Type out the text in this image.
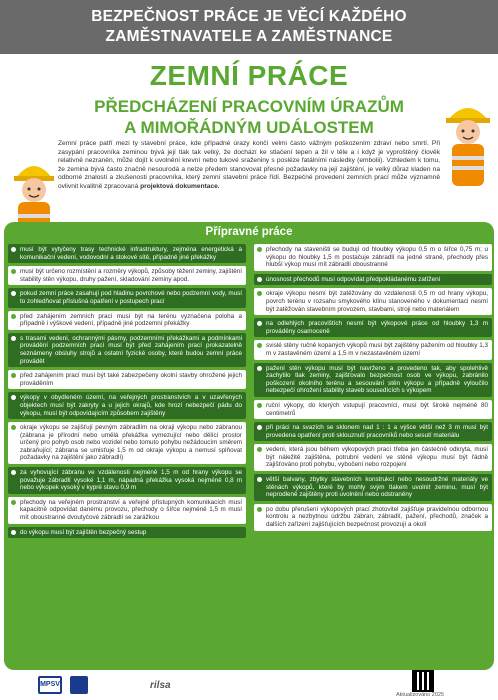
BEZPEČNOST PRÁCE JE VĚCÍ KAŽDÉHO
ZAMĚSTNAVATELE A ZAMĚSTNANCE
ZEMNÍ PRÁCE
PŘEDCHÁZENÍ PRACOVNÍM ÚRAZŮM
A MIMOŘÁDNÝM UDÁLOSTEM
Zemní práce patří mezi ty stavební práce, kde případné úrazy končí velmi často vážným poškozením zdraví nebo smrtí. Při zasypání pracovníka zeminou bývá její tlak tak velký, že dochází ke stlačení tepen a žil v těle a i když je vyproštěný člověk relativně nezraněn, může dojít k uvolnění krevní nebo tukové sraženiny s posléze fatálními následky (embolii). Vzhledem k tomu, že zemina bývá často značně nesourodá a nelze předem stanovovat přesné požadavky na její zajištění, je velký důraz kladen na odborné znalosti a zkušenosti pracovníka, který zemní stavební práce řídí. Bezpečné provedení zemních prací může významně ovlivnit kvalitně zpracovaná projektová dokumentace.
Přípravné práce
musí být vytyčeny trasy technické infrastruktury, zejména energetická a komunikační vedení, vodovodní a stokové sítě, případně jiné překážky
musí být určeno rozmístění a rozměry výkopů, způsoby těžení zeminy, zajištění stability stěn výkopu, druhy pažení, skladování zeminy apod.
pokud zemní práce zasahují pod hladinu povrchové nebo podzemní vody, musí to zohledňovat příslušná opatření v postupech prací
před zahájením zemních prací musí být na terénu vyznačena poloha a případně i výškové vedení, případně jiné podzemní překážky
s trasami vedení, ochrannými pásmy, podzemními překážkami a podmínkami provádění podzemních prací musí být před zahájením prací prokazatelně seznámeny obsluhy strojů a ostatní fyzické osoby, které budou zemní práce provádět
před zahájením prací musí být také zabezpečeny okolní stavby ohrožené jejich prováděním
výkopy v obydleném území, na veřejných prostranstvích a v uzavřených objektech musí být zakryty a u jejich okrajů, kde hrozí nebezpečí pádu do výkopu, musí být odpovídajícím způsobem zajištěny
okraje výkopu se zajišťují pevným zábradlím na okraji výkopu nebo zábranou (zábrana je přírodní nebo umělá překážka vymezující nebo dělící prostor určený pro pohyb osob nebo vozidel nebo tomuto pohybu nežádoucím směrem zabraňující; zábrana se umisťuje 1,5 m od okraje výkopu a nemusí splňovat požadavky na zajištění jako zábradlí)
za vyhovující zábranu ve vzdálenosti nejméně 1,5 m od hrany výkopu se považuje zábradlí vysoké 1,1 m, nápadná překážka vysoká nejméně 0,8 m nebo výkopek vysoký v kypré stavu 0,9 m
přechody na veřejném prostranství a veřejně přístupných komunikacích musí kapacitně odpovídat danému provozu, přechody o šířce nejméně 1,5 m musí mít oboustranné dvoutyčové zábradlí se zarážkou
do výkopu musí být zajištěn bezpečný sestup
přechody na staveništi se budují od hloubky výkopu 0,5 m o šířce 0,75 m; u výkopu do hloubky 1,5 m postačuje zábradlí na jedné straně, přechody přes hlubší výkop musí mít zábradlí oboustranné
únosnost přechodů musí odpovídat předpokládanému zatížení
okraje výkopu nesmí být zatěžovány do vzdálenosti 0,5 m od hrany výkopu, povrch terénu v rozsahu smykového klínu stanoveného v dokumentaci nesmí být zatěžován stavebním provozem, stavbami, stroji nebo materiálem
na odlehlých pracovištích nesmí být výkopové práce od hloubky 1,3 m prováděny osamoceně
svislé stěny ručně kopaných výkopů musí být zajištěny pažením od hloubky 1,3 m v zastavěném území a 1,5 m v nezastavěném území
pažení stěn výkopu musí být navrženo a provedeno tak, aby spolehlivě zachytilo tlak zeminy, zajišťovalo bezpečnost osob ve výkopu, zabránilo poškození okolního terénu a sesouvání stěn výkopu a případně vyloučilo nebezpečí ohrožení stability staveb sousedících s výkopem
ruční výkopy, do kterých vstupují pracovníci, musí být široké nejméně 80 centimetrů
při práci na svazích se sklonem nad 1 : 1 a výšce větší než 3 m musí být provedena opatření proti sklouznutí pracovníků nebo sesutí materiálu
vedení, která jsou během výkopových prací třeba jen částečně odkryta, musí být náležitě zajištěna, potrubní vedení ve stěně výkopu musí být řádně zajišťováno proti pohybu, vybočení nebo rozpojení
větší balvany, zbytky stavebních konstrukcí nebo nesoudržné materiály ve stěnách výkopů, které by mohly svým tlakem uvolnit zeminu, musí být neprodleně zajištěny proti uvolnění nebo odstraněny
po dobu přerušení výkopových prací zhotovitel zajišťuje pravidelnou odbornou kontrolu a nezbytnou údržbu zábran, zábradlí, pažení, přechodů, značek a dalších zařízení zajišťujících bezpečnost provozují a okolí
MPSV	rilsa
Aktualizováno 2025
